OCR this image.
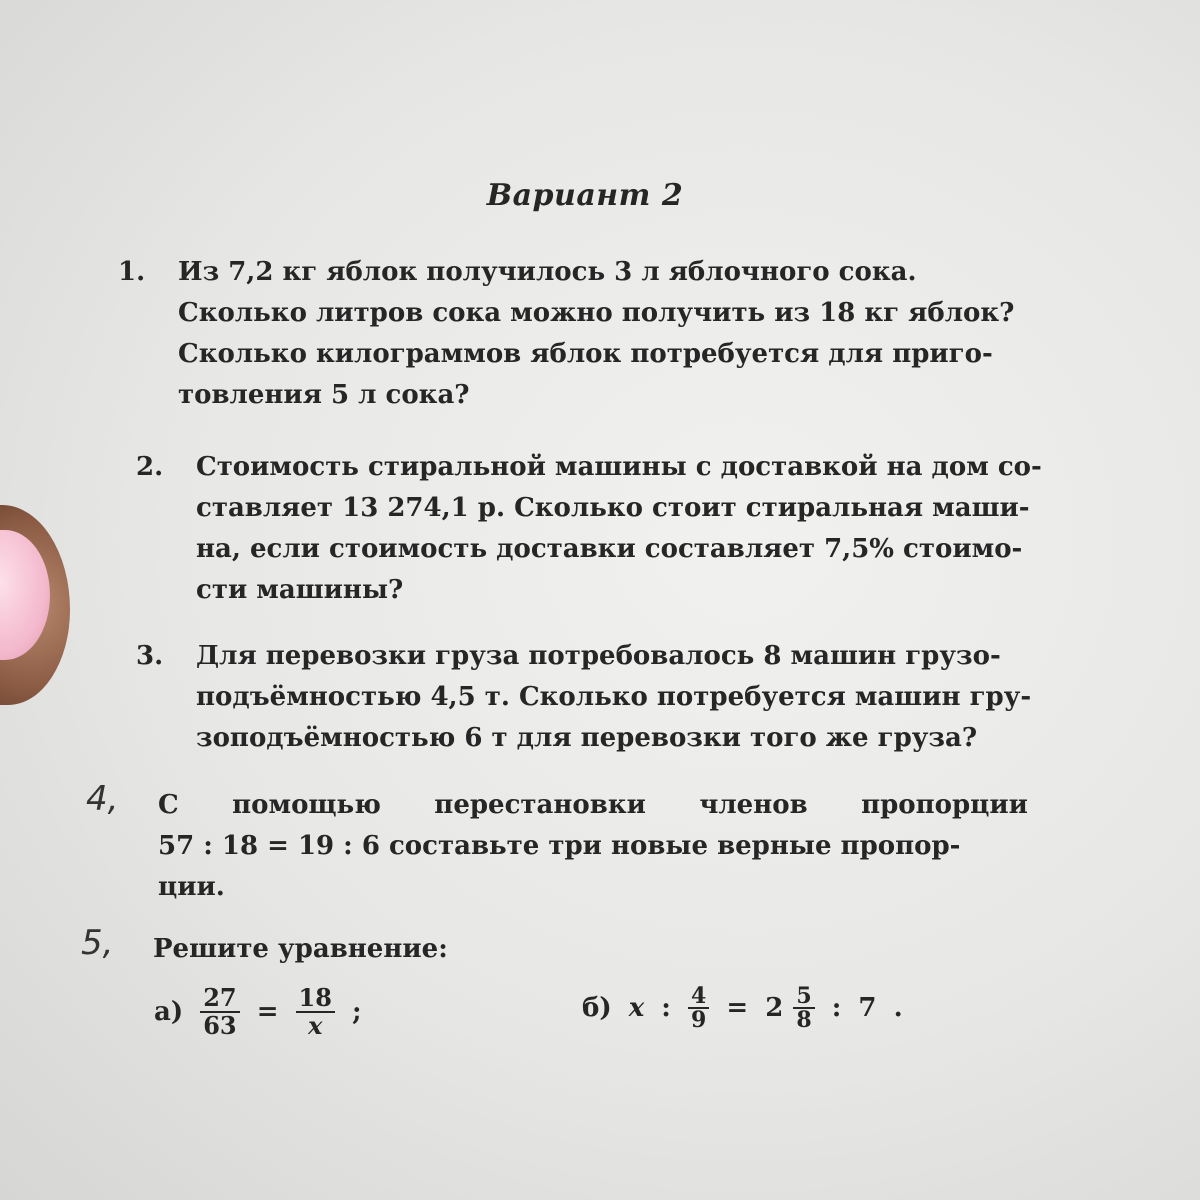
Вариант 2
1. Из 7,2 кг яблок получилось 3 л яблочного сока.
Сколько литров сока можно получить из 18 кг яблок?
Сколько килограммов яблок потребуется для приго-
товления 5 л сока?
2. Стоимость стиральной машины с доставкой на дом со-
ставляет 13 274,1 р. Сколько стоит стиральная маши-
на, если стоимость доставки составляет 7,5% стоимо-
сти машины?
3. Для перевозки груза потребовалось 8 машин грузо-
подъёмностью 4,5 т. Сколько потребуется машин гру-
зоподъёмностью 6 т для перевозки того же груза?
4, С помощью перестановки членов пропорции
57 : 18 = 19 : 6 составьте три новые верные пропор-
ции.
5, Решите уравнение:
$а) \frac{27}{63} = \frac{18}{x}$ ;	б) x : $\frac{4}{9} = 2 \frac{5}{8}$ : 7 .
